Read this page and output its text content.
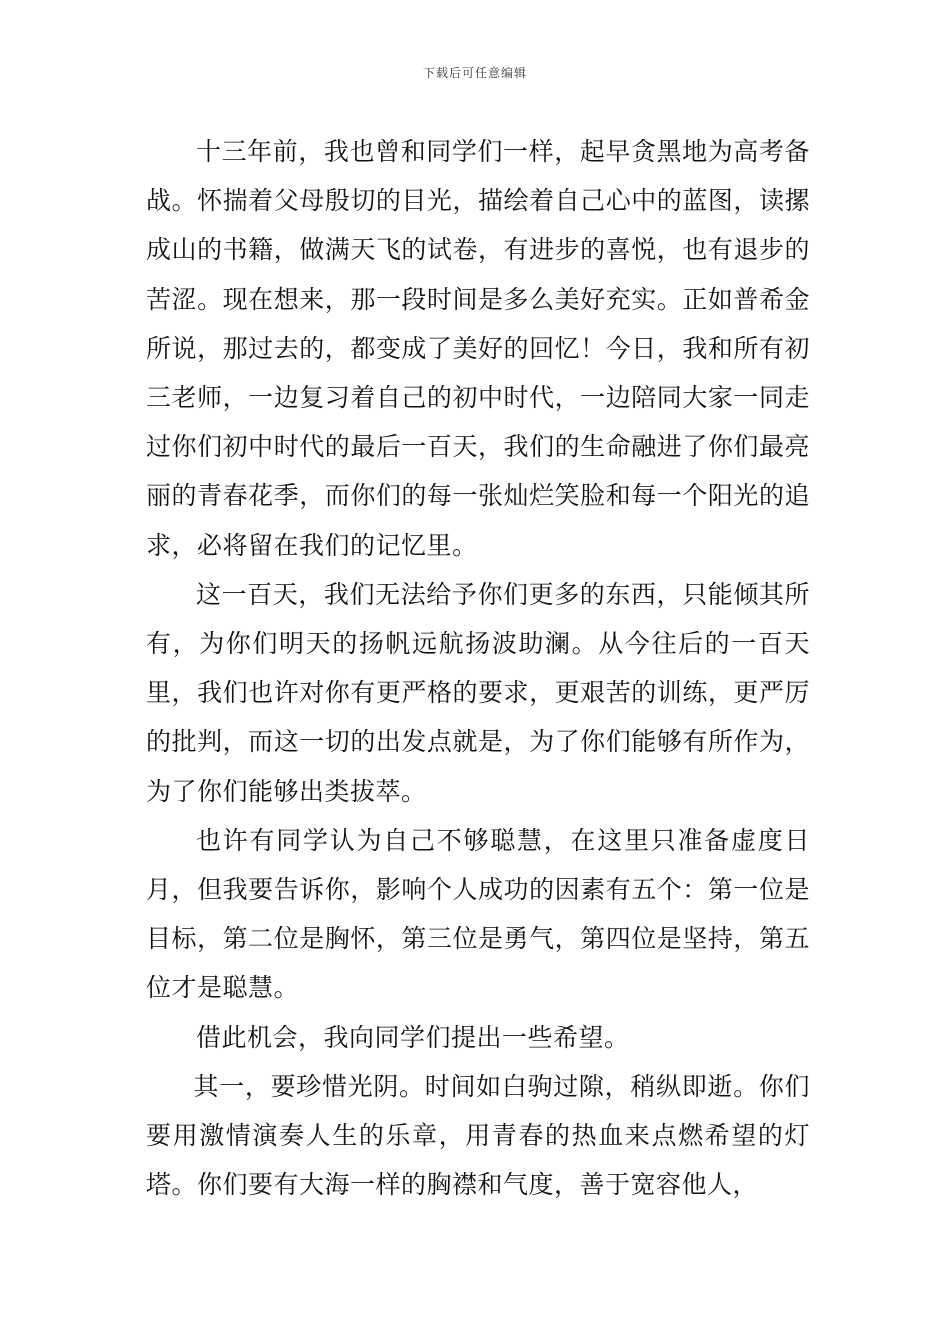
下载后可任意编辑

十三年前，我也曾和同学们一样，起早贪黑地为高考备战。怀揣着父母殷切的目光，描绘着自己心中的蓝图，读摞成山的书籍，做满天飞的试卷，有进步的喜悦，也有退步的苦涩。现在想来，那一段时间是多么美好充实。正如普希金所说，那过去的，都变成了美好的回忆！今日，我和所有初三老师，一边复习着自己的初中时代，一边陪同大家一同走过你们初中时代的最后一百天，我们的生命融进了你们最亮丽的青春花季，而你们的每一张灿烂笑脸和每一个阳光的追求，必将留在我们的记忆里。

这一百天，我们无法给予你们更多的东西，只能倾其所有，为你们明天的扬帆远航扬波助澜。从今往后的一百天里，我们也许对你有更严格的要求，更艰苦的训练，更严厉的批判，而这一切的出发点就是，为了你们能够有所作为，为了你们能够出类拔萃。

也许有同学认为自己不够聪慧，在这里只准备虚度日月，但我要告诉你，影响个人成功的因素有五个：第一位是目标，第二位是胸怀，第三位是勇气，第四位是坚持，第五位才是聪慧。

借此机会，我向同学们提出一些希望。

其一，要珍惜光阴。时间如白驹过隙，稍纵即逝。你们要用激情演奏人生的乐章，用青春的热血来点燃希望的灯塔。你们要有大海一样的胸襟和气度，善于宽容他人，
